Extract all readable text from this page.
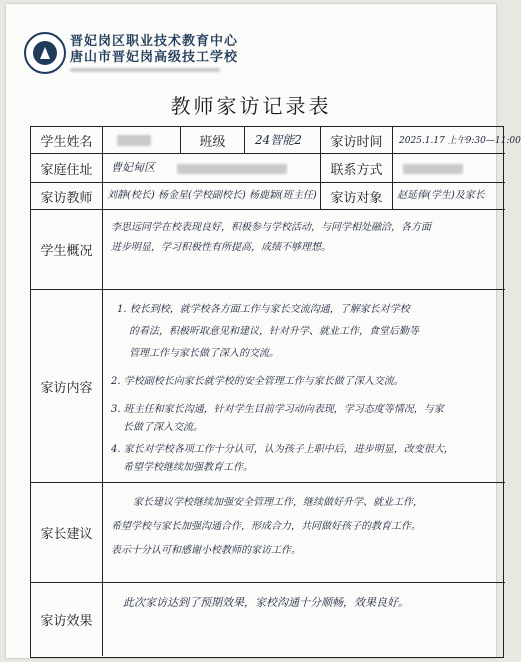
晋妃岗区职业技术教育中心
唐山市晋妃岗高级技工学校
教师家访记录表
学生姓名	班级	24智能2	家访时间	2025.1.17 上午9:30—11:00
家庭住址	曹妃甸区	联系方式
家访教师	刘静(校长) 杨金星(学校副校长) 杨鹿颖(班主任)	家访对象	赵延俸(学生)及家长
学生概况
李思远同学在校表现良好，积极参与学校活动，与同学相处融洽，各方面
进步明显，学习积极性有所提高，成绩不够理想。
家访内容
1. 校长到校，就学校各方面工作与家长交流沟通，了解家长对学校
的看法，积极听取意见和建议，针对升学、就业工作，食堂后勤等
管理工作与家长做了深入的交流。
2. 学校副校长向家长就学校的安全管理工作与家长做了深入交流。
3. 班主任和家长沟通，针对学生目前学习动向表现，学习态度等情况，与家
长做了深入交流。
4. 家长对学校各项工作十分认可，认为孩子上职中后，进步明显，改变很大，
希望学校继续加强教育工作。
家长建议
家长建议学校继续加强安全管理工作，继续做好升学、就业工作，
希望学校与家长加强沟通合作，形成合力，共同做好孩子的教育工作。
表示十分认可和感谢小校教师的家访工作。
家访效果
此次家访达到了预期效果，家校沟通十分顺畅，效果良好。
